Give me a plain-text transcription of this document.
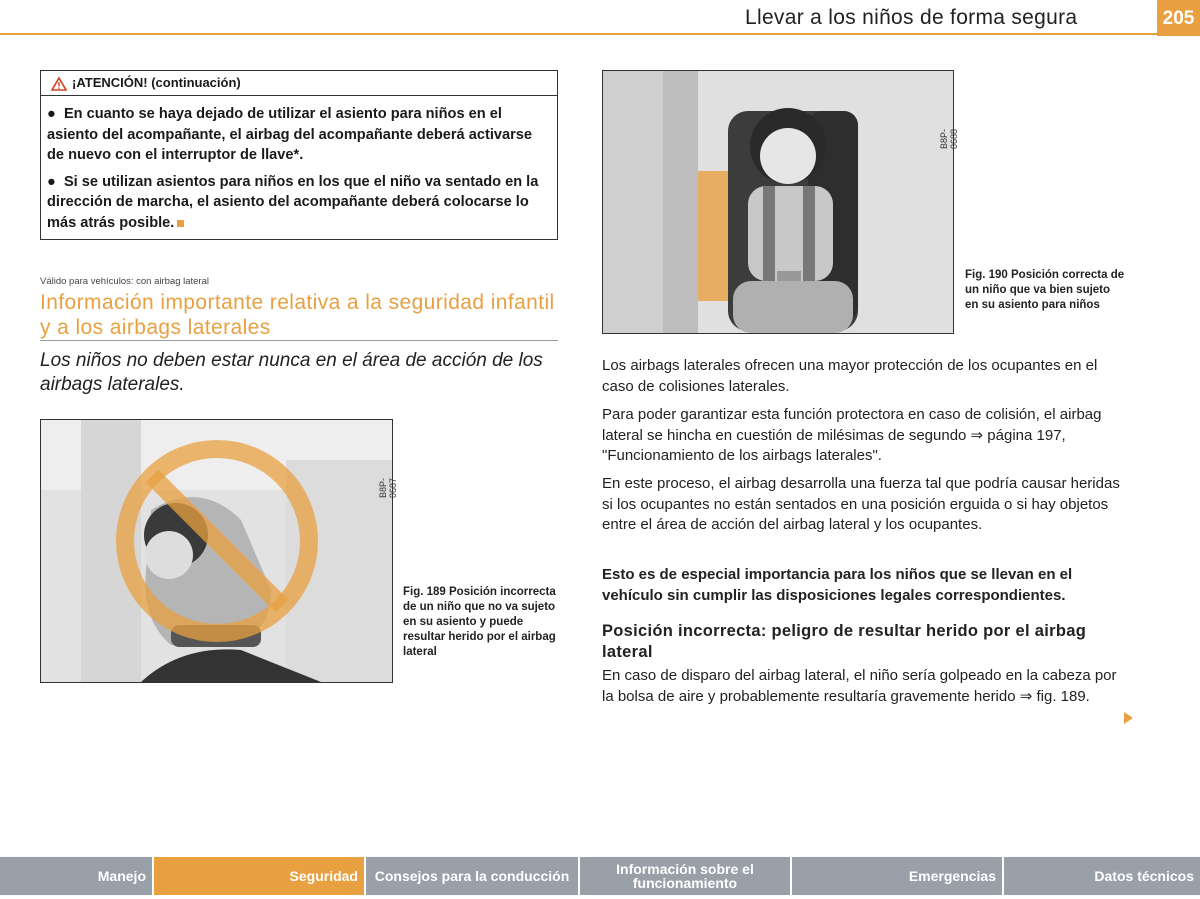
Llevar a los niños de forma segura	205
¡ATENCIÓN! (continuación)

●  En cuanto se haya dejado de utilizar el asiento para niños en el asiento del acompañante, el airbag del acompañante deberá activarse de nuevo con el interruptor de llave*.

●  Si se utilizan asientos para niños en los que el niño va sentado en la dirección de marcha, el asiento del acompañante deberá colocarse lo más atrás posible.

Válido para vehículos: con airbag lateral
Información importante relativa a la seguridad infantil y a los airbags laterales
Los niños no deben estar nunca en el área de acción de los airbags laterales.
B8P-0687
Fig. 189 Posición incorrecta de un niño que no va sujeto en su asiento y puede resultar herido por el airbag lateral
B8P-0688
Fig. 190 Posición correcta de un niño que va bien sujeto en su asiento para niños

Los airbags laterales ofrecen una mayor protección de los ocupantes en el caso de colisiones laterales.

Para poder garantizar esta función protectora en caso de colisión, el airbag lateral se hincha en cuestión de milésimas de segundo ⇒ página 197, "Funcionamiento de los airbags laterales".

En este proceso, el airbag desarrolla una fuerza tal que podría causar heridas si los ocupantes no están sentados en una posición erguida o si hay objetos entre el área de acción del airbag lateral y los ocupantes.

Esto es de especial importancia para los niños que se llevan en el vehículo sin cumplir las disposiciones legales correspondientes.

Posición incorrecta: peligro de resultar herido por el airbag lateral

En caso de disparo del airbag lateral, el niño sería golpeado en la cabeza por la bolsa de aire y probablemente resultaría gravemente herido ⇒ fig. 189.

Manejo	Seguridad	Consejos para la conducción	Información sobre el funcionamiento	Emergencias	Datos técnicos
